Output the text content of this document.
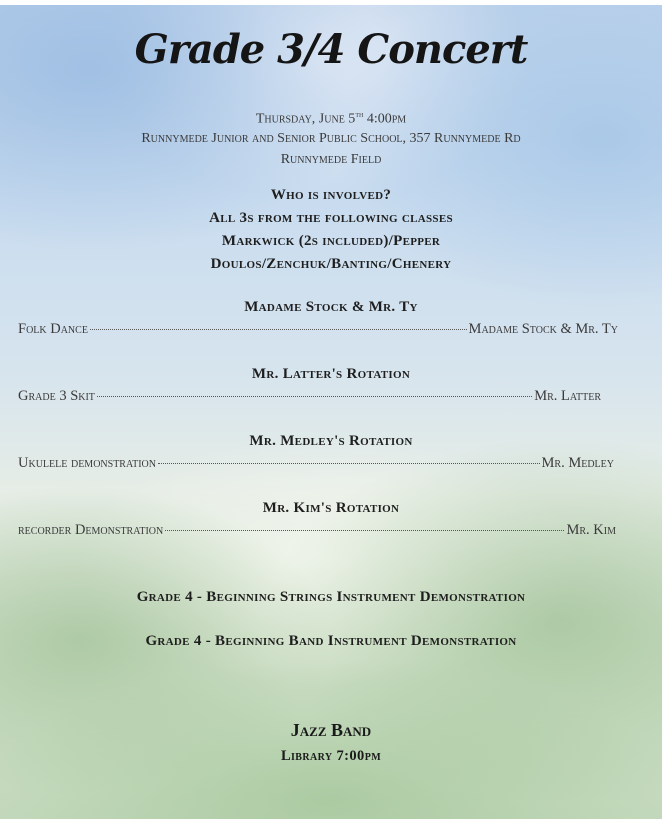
Grade 3/4 Concert
Thursday, June 5th 4:00pm
Runnymede Junior and Senior Public School, 357 Runnymede Rd
Runnymede Field
Who is involved?
All 3s from the following classes
Markwick (2s included)/Pepper
Doulos/Zenchuk/Banting/Chenery
Madame Stock & Mr. Ty
Folk Dance	Madame Stock & Mr. Ty
Mr. Latter's Rotation
Grade 3 Skit	Mr. Latter
Mr. Medley's Rotation
Ukulele demonstration	Mr. Medley
Mr. Kim's Rotation
recorder Demonstration	Mr. Kim
Grade 4 - Beginning Strings Instrument Demonstration
Grade 4 - Beginning Band Instrument Demonstration
Jazz Band
Library 7:00pm
